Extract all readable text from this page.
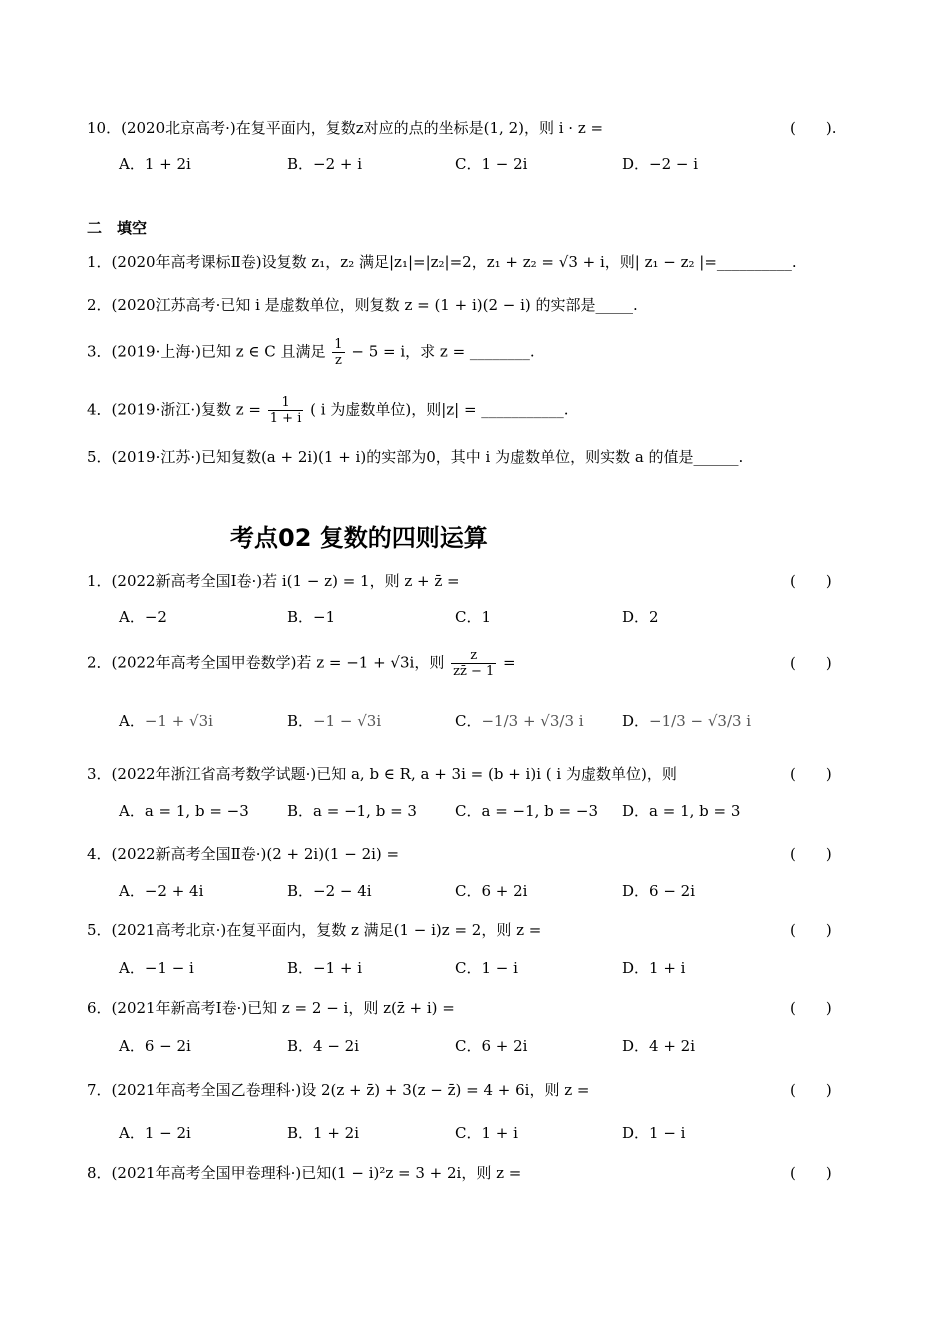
10．(2020北京高考·)在复平面内，复数z对应的点的坐标是(1, 2)，则 i · z =	(　　).
A．1 + 2i	B．−2 + i	C．1 − 2i	D．−2 − i
二　填空
1．(2020年高考课标Ⅱ卷)设复数 z₁，z₂ 满足|z₁|=|z₂|=2，z₁ + z₂ = √3 + i，则| z₁ − z₂ |=__________.
2．(2020江苏高考·已知 i 是虚数单位，则复数 z = (1 + i)(2 − i) 的实部是_____.
3．(2019·上海·)已知 z ∈ C 且满足 $\frac{1}{z} - 5 = i$，求 z = ________.
4．(2019·浙江·)复数 $z = \frac{1}{1 + i}$ ( i 为虚数单位)，则|z| = ___________.
5．(2019·江苏·)已知复数(a + 2i)(1 + i)的实部为0，其中 i 为虚数单位，则实数 a 的值是______.
考点02 复数的四则运算
1．(2022新高考全国Ⅰ卷·)若 i(1 − z) = 1，则 z + z̄ =	(　　)
A．−2	B．−1	C．1	D．2
2．(2022年高考全国甲卷数学)若 z = −1 + √3i，则 $\frac{z}{zz̄ - 1}$ =	(　　)
A．−1 + √3i	B．−1 − √3i	C．−1/3 + √3/3 i	D．−1/3 − √3/3 i
3．(2022年浙江省高考数学试题·)已知 a, b ∈ R, a + 3i = (b + i)i ( i 为虚数单位)，则	(　　)
A．a = 1, b = −3	B．a = −1, b = 3	C．a = −1, b = −3 D．a = 1, b = 3
4．(2022新高考全国Ⅱ卷·)(2 + 2i)(1 − 2i) =	(　　)
A．−2 + 4i	B．−2 − 4i	C．6 + 2i	D．6 − 2i
5．(2021高考北京·)在复平面内，复数 z 满足(1 − i)z = 2，则 z =	(　　)
A．−1 − i	B．−1 + i	C．1 − i	D．1 + i
6．(2021年新高考Ⅰ卷·)已知 z = 2 − i，则 z(z̄ + i) =	(　　)
A．6 − 2i	B．4 − 2i	C．6 + 2i	D．4 + 2i
7．(2021年高考全国乙卷理科·)设 2(z + z̄) + 3(z − z̄) = 4 + 6i，则 z =	(　　)
A．1 − 2i	B．1 + 2i	C．1 + i	D．1 − i
8．(2021年高考全国甲卷理科·)已知(1 − i)²z = 3 + 2i，则 z =	(　　)
